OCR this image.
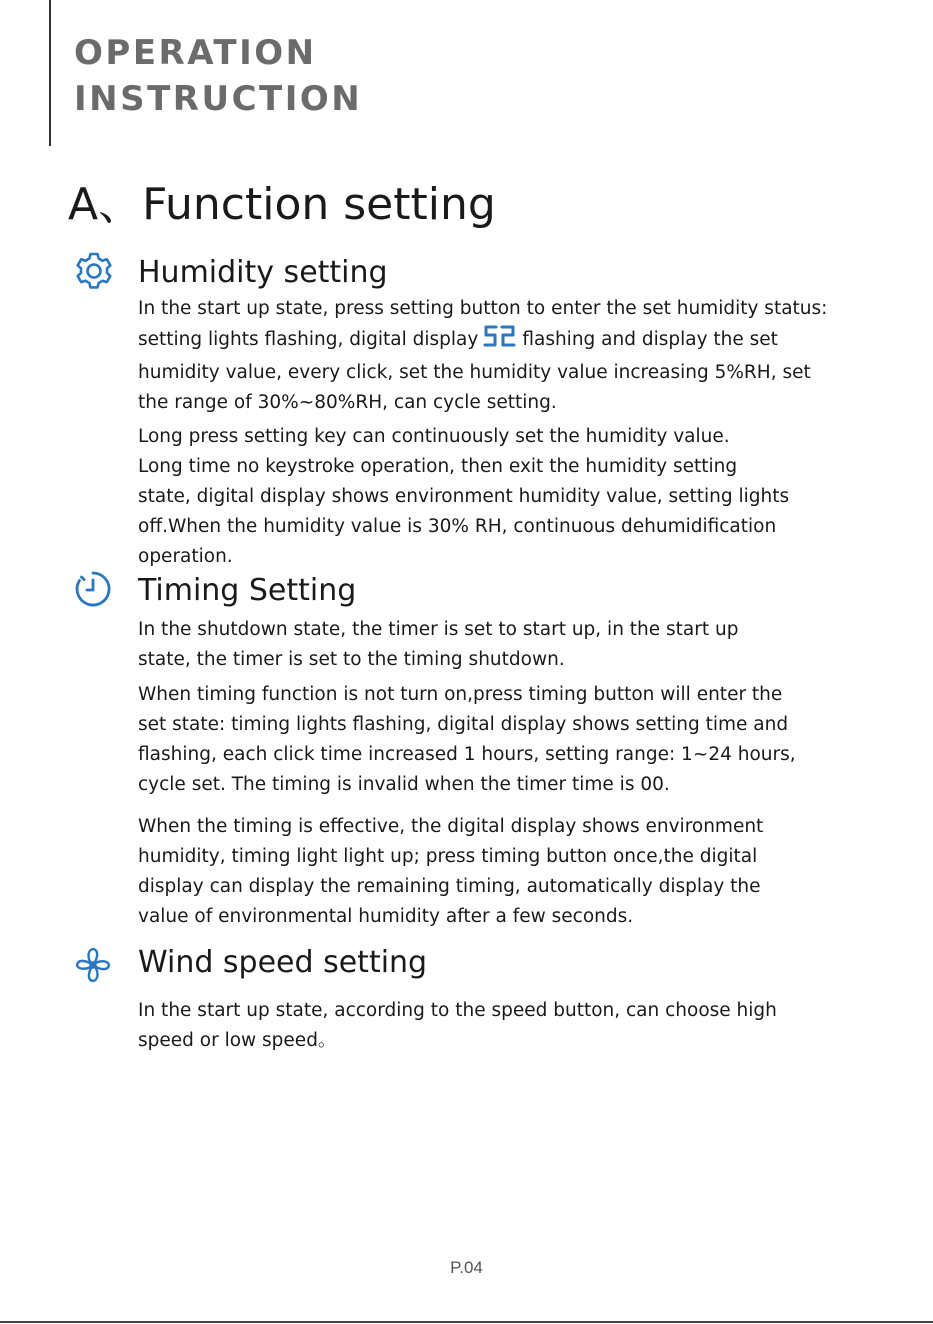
OPERATION
INSTRUCTION
A、Function setting
Humidity setting

In the start up state, press setting button to enter the set humidity status:
setting lights flashing, digital display flashing and display the set
humidity value, every click, set the humidity value increasing 5%RH, set
the range of 30%~80%RH, can cycle setting.

Long press setting key can continuously set the humidity value.
Long time no keystroke operation, then exit the humidity setting
state, digital display shows environment humidity value, setting lights
off.When the humidity value is 30% RH, continuous dehumidification
operation.

Timing Setting

In the shutdown state, the timer is set to start up, in the start up
state, the timer is set to the timing shutdown.

When timing function is not turn on,press timing button will enter the
set state: timing lights flashing, digital display shows setting time and
flashing, each click time increased 1 hours, setting range: 1~24 hours,
cycle set. The timing is invalid when the timer time is 00.

When the timing is effective, the digital display shows environment
humidity, timing light light up; press timing button once,the digital
display can display the remaining timing, automatically display the
value of environmental humidity after a few seconds.

Wind speed setting

In the start up state, according to the speed button, can choose high
speed or low speed。

P.04
